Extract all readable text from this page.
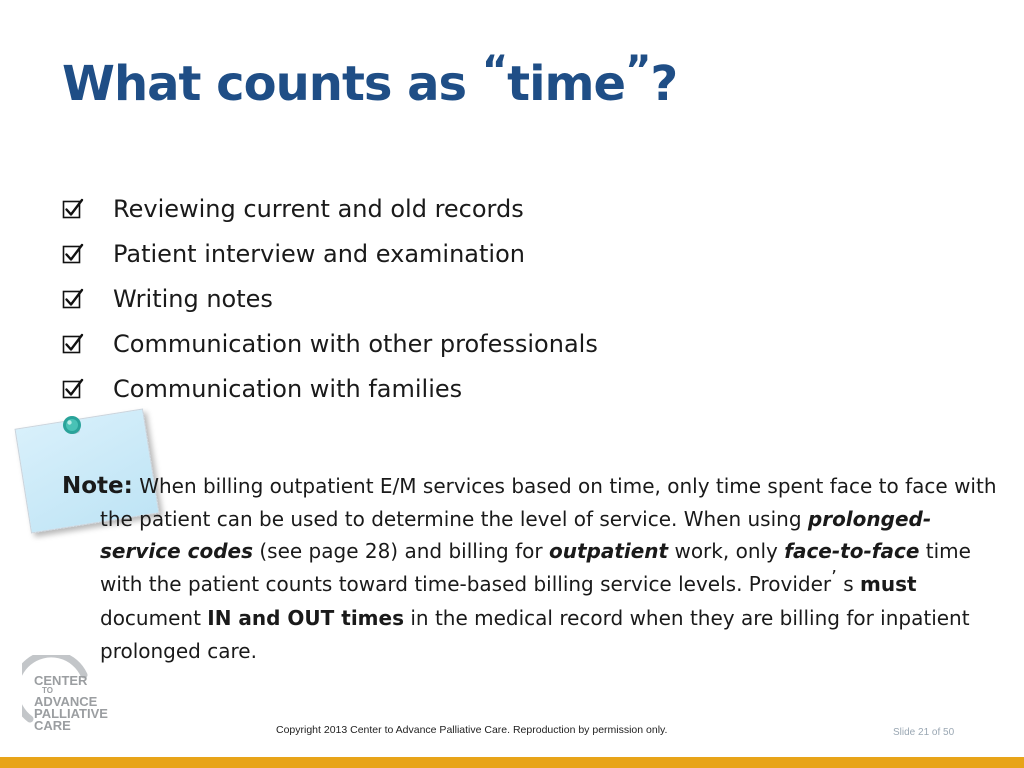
What counts as “time”?
Reviewing current and old records
Patient interview and examination
Writing notes
Communication with other professionals
Communication with families

Note: When billing outpatient E/M services based on time, only time spent face to face with the patient can be used to determine the level of service. When using prolonged-service codes (see page 28) and billing for outpatient work, only face-to-face time with the patient counts toward time-based billing service levels. Provider’ s must document IN and OUT times in the medical record when they are billing for inpatient prolonged care.

CENTER
TO
ADVANCE
PALLIATIVE
CARE	Copyright 2013 Center to Advance Palliative Care. Reproduction by permission only.	Slide 21 of 50
